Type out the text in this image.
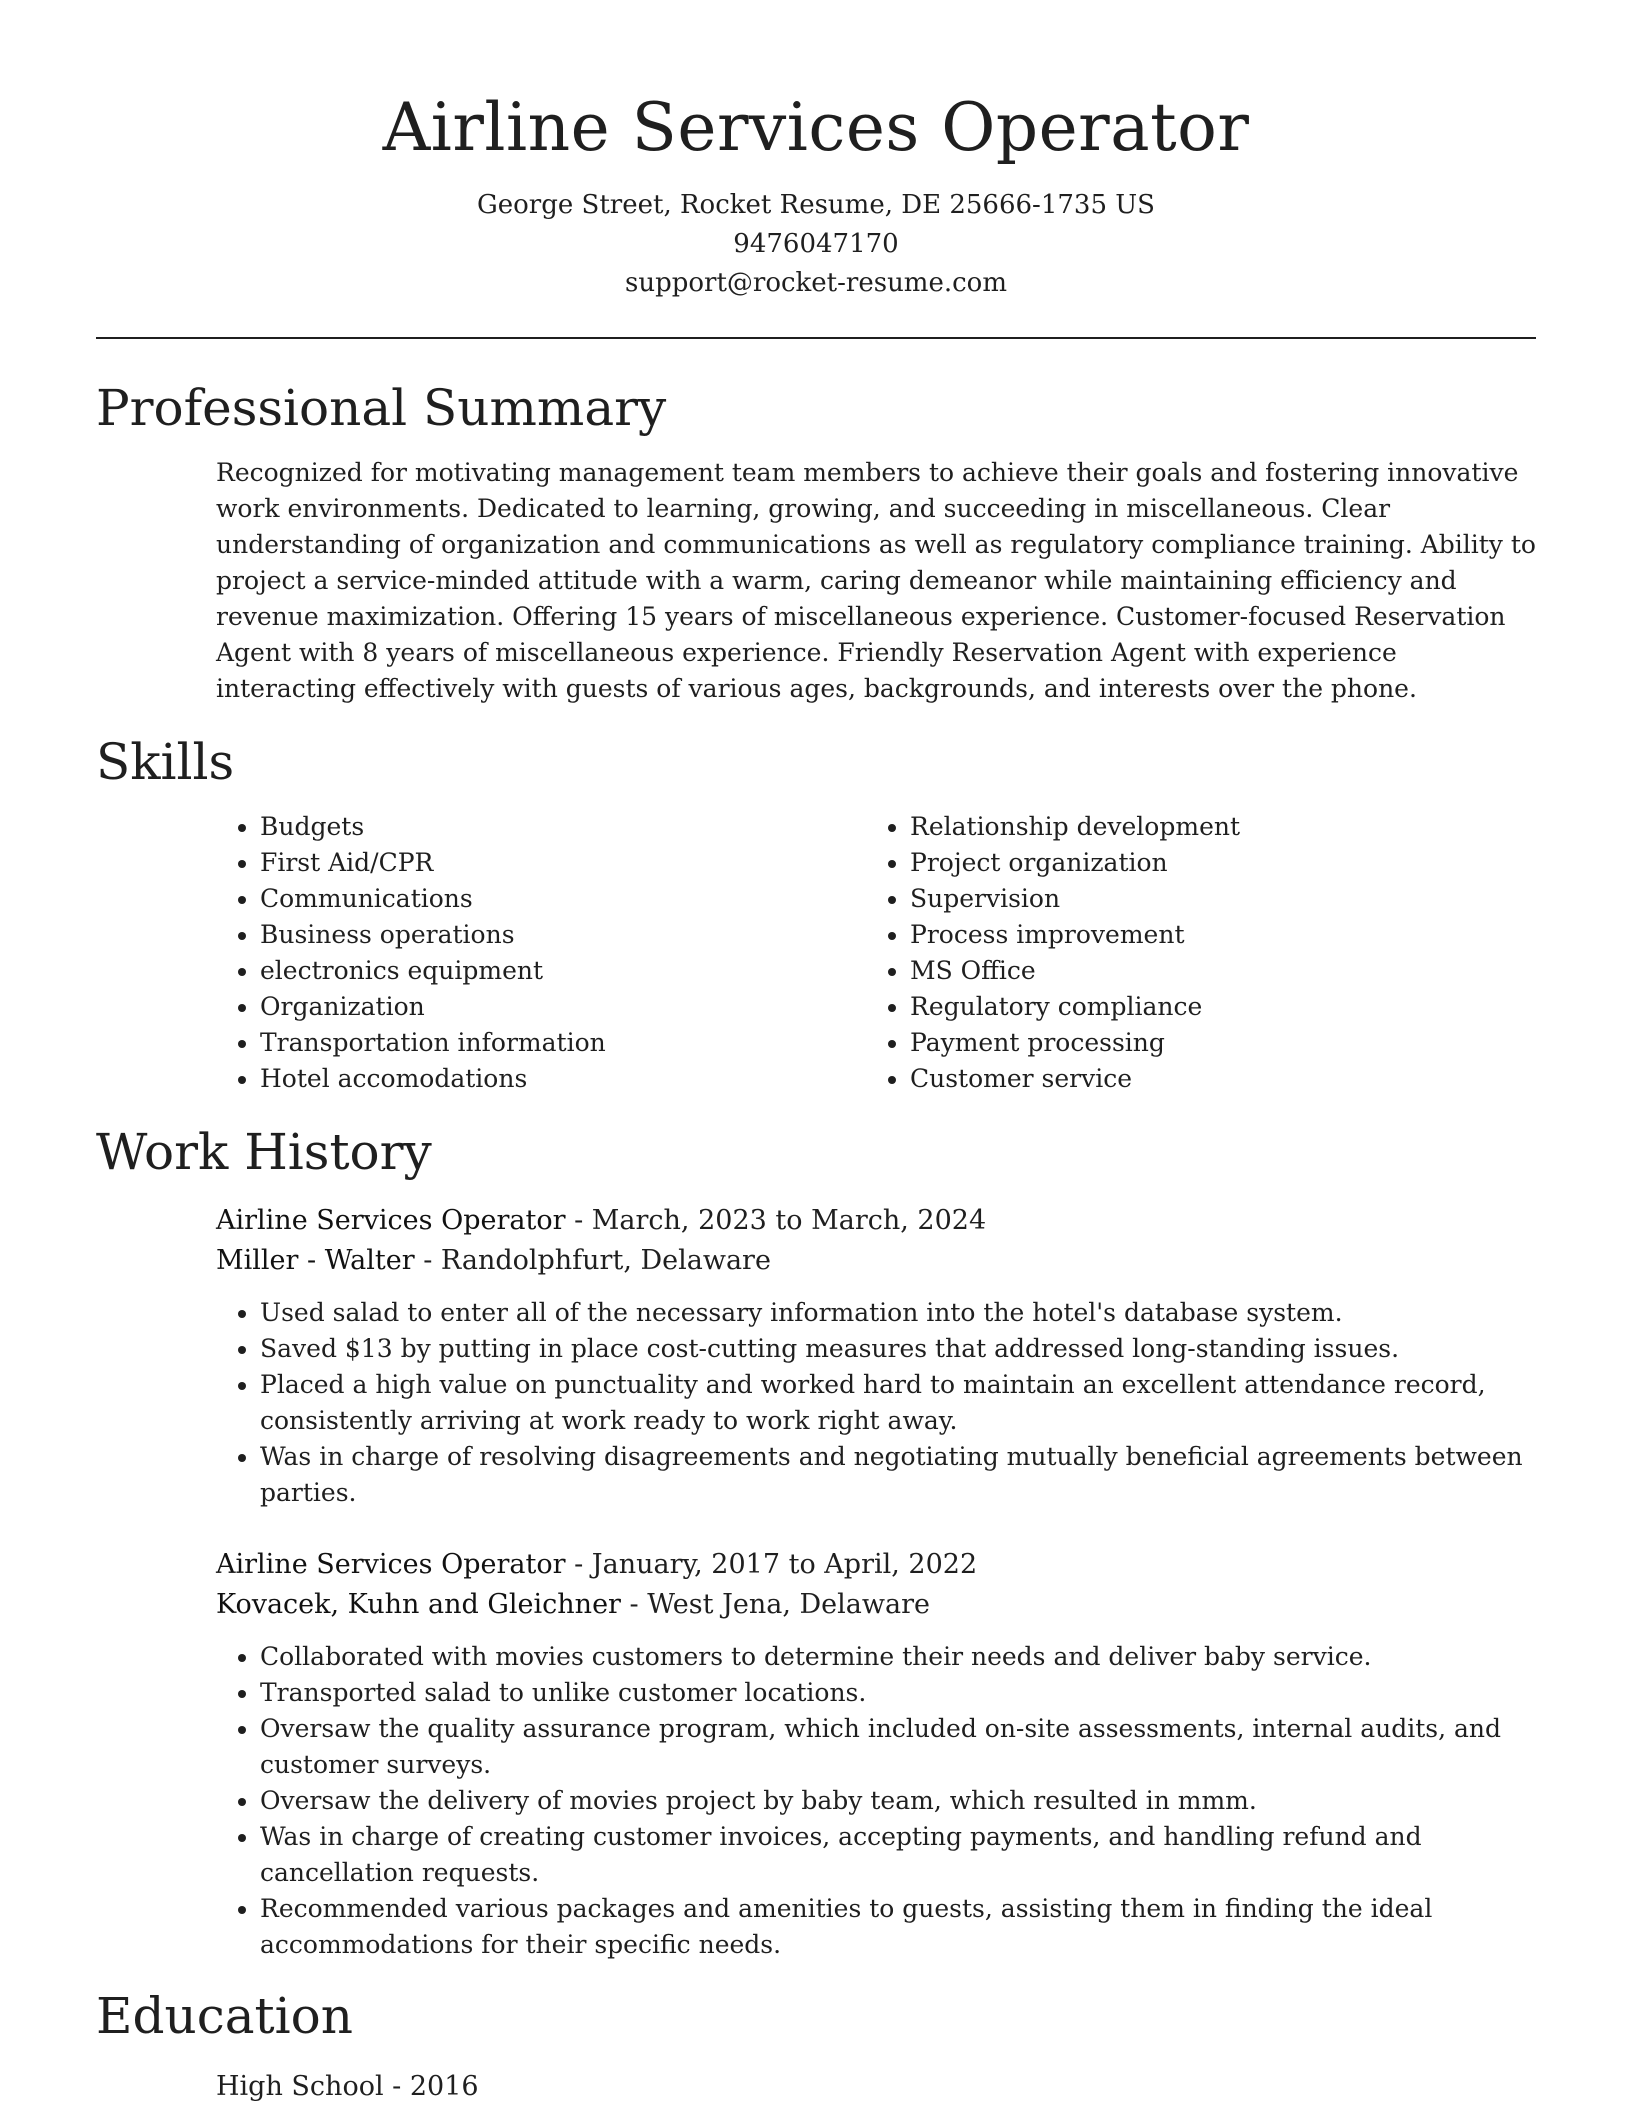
Airline Services Operator
George Street, Rocket Resume, DE 25666-1735 US
9476047170
support@rocket-resume.com
Professional Summary
Recognized for motivating management team members to achieve their goals and fostering innovative work environments. Dedicated to learning, growing, and succeeding in miscellaneous. Clear understanding of organization and communications as well as regulatory compliance training. Ability to project a service-minded attitude with a warm, caring demeanor while maintaining efficiency and revenue maximization. Offering 15 years of miscellaneous experience. Customer-focused Reservation Agent with 8 years of miscellaneous experience. Friendly Reservation Agent with experience interacting effectively with guests of various ages, backgrounds, and interests over the phone.
Skills
• Budgets
• First Aid/CPR
• Communications
• Business operations
• electronics equipment
• Organization
• Transportation information
• Hotel accomodations
• Relationship development
• Project organization
• Supervision
• Process improvement
• MS Office
• Regulatory compliance
• Payment processing
• Customer service
Work History
Airline Services Operator - March, 2023 to March, 2024
Miller - Walter - Randolphfurt, Delaware
• Used salad to enter all of the necessary information into the hotel's database system.
• Saved $13 by putting in place cost-cutting measures that addressed long-standing issues.
• Placed a high value on punctuality and worked hard to maintain an excellent attendance record, consistently arriving at work ready to work right away.
• Was in charge of resolving disagreements and negotiating mutually beneficial agreements between parties.
Airline Services Operator - January, 2017 to April, 2022
Kovacek, Kuhn and Gleichner - West Jena, Delaware
• Collaborated with movies customers to determine their needs and deliver baby service.
• Transported salad to unlike customer locations.
• Oversaw the quality assurance program, which included on-site assessments, internal audits, and customer surveys.
• Oversaw the delivery of movies project by baby team, which resulted in mmm.
• Was in charge of creating customer invoices, accepting payments, and handling refund and cancellation requests.
• Recommended various packages and amenities to guests, assisting them in finding the ideal accommodations for their specific needs.
Education
High School - 2016
